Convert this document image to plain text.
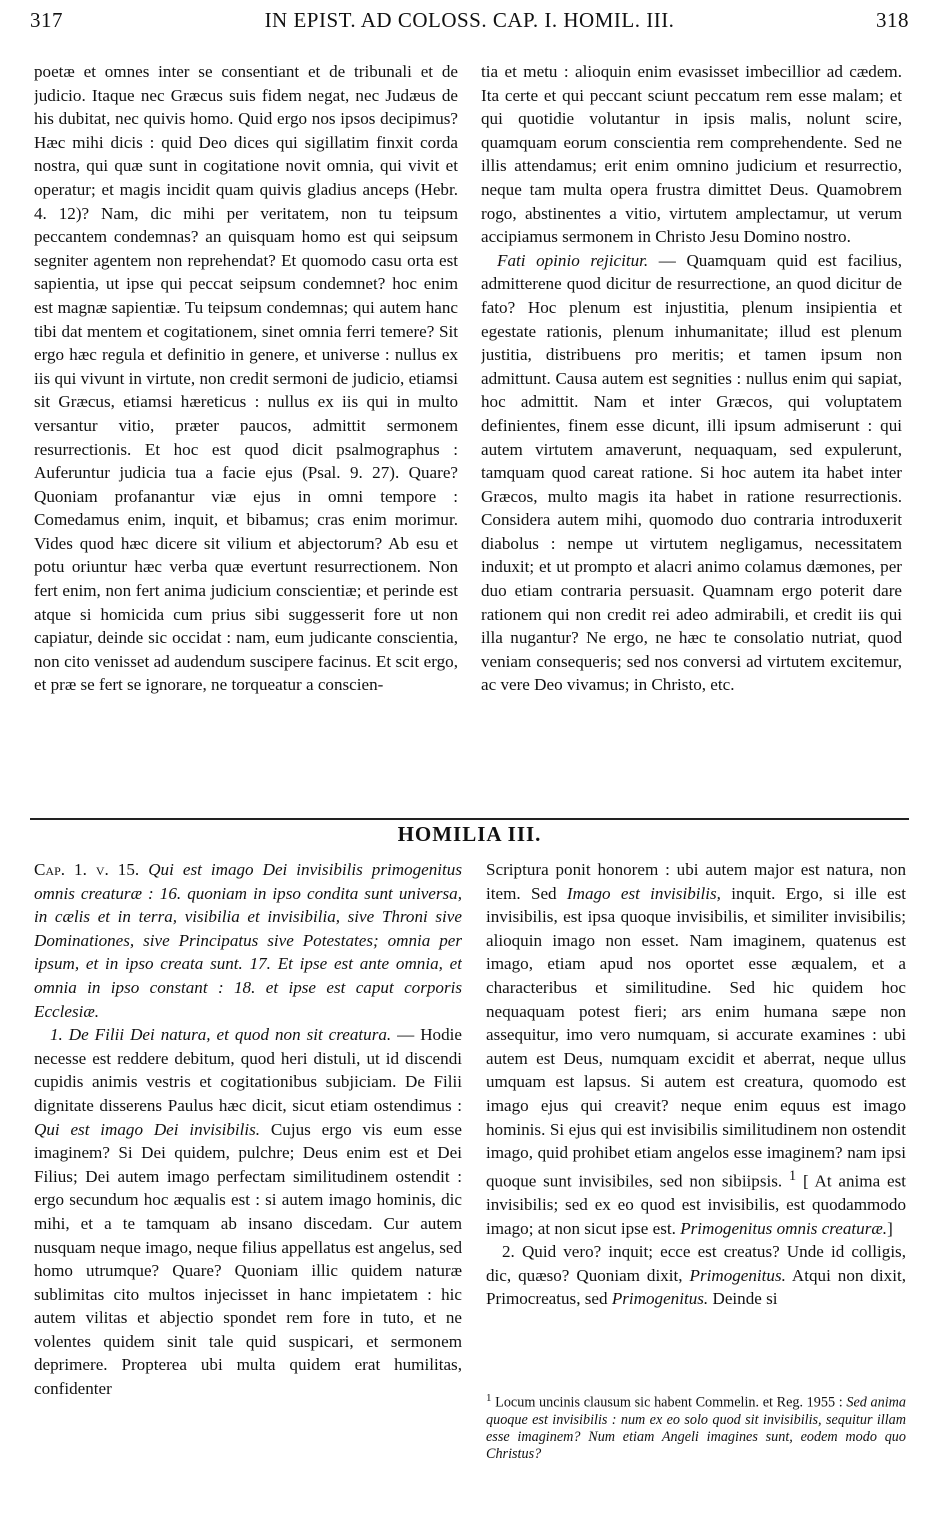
317	IN EPIST. AD COLOSS. CAP. I. HOMIL. III.	318

poetæ et omnes inter se consentiant et de tribunali et de judicio. Itaque nec Græcus suis fidem negat, nec Judæus de his dubitat, nec quivis homo. Quid ergo nos ipsos decipimus? Hæc mihi dicis : quid Deo dices qui sigillatim finxit corda nostra, qui quæ sunt in cogitatione novit omnia, qui vivit et operatur; et magis incidit quam quivis gladius anceps (Hebr. 4. 12)? Nam, dic mihi per veritatem, non tu teipsum peccantem condemnas? an quisquam homo est qui seipsum segniter agentem non reprehendat? Et quomodo casu orta est sapientia, ut ipse qui peccat seipsum condemnet? hoc enim est magnæ sapientiæ. Tu teipsum condemnas; qui autem hanc tibi dat mentem et cogitationem, sinet omnia ferri temere? Sit ergo hæc regula et definitio in genere, et universe : nullus ex iis qui vivunt in virtute, non credit sermoni de judicio, etiamsi sit Græcus, etiamsi hæreticus : nullus ex iis qui in multo versantur vitio, præter paucos, admittit sermonem resurrectionis. Et hoc est quod dicit psalmographus : Auferuntur judicia tua a facie ejus (Psal. 9. 27). Quare? Quoniam profanantur viæ ejus in omni tempore : Comedamus enim, inquit, et bibamus; cras enim morimur. Vides quod hæc dicere sit vilium et abjectorum? Ab esu et potu oriuntur hæc verba quæ evertunt resurrectionem. Non fert enim, non fert anima judicium conscientiæ; et perinde est atque si homicida cum prius sibi suggesserit fore ut non capiatur, deinde sic occidat : nam, eum judicante conscientia, non cito venisset ad audendum suscipere facinus. Et scit ergo, et præ se fert se ignorare, ne torqueatur a conscien-

tia et metu : alioquin enim evasisset imbecillior ad cædem. Ita certe et qui peccant sciunt peccatum rem esse malam; et qui quotidie volutantur in ipsis malis, nolunt scire, quamquam eorum conscientia rem comprehendente. Sed ne illis attendamus; erit enim omnino judicium et resurrectio, neque tam multa opera frustra dimittet Deus. Quamobrem rogo, abstinentes a vitio, virtutem amplectamur, ut verum accipiamus sermonem in Christo Jesu Domino nostro.

Fati opinio rejicitur. — Quamquam quid est facilius, admitterene quod dicitur de resurrectione, an quod dicitur de fato? Hoc plenum est injustitia, plenum insipientia et egestate rationis, plenum inhumanitate; illud est plenum justitia, distribuens pro meritis; et tamen ipsum non admittunt. Causa autem est segnities : nullus enim qui sapiat, hoc admittit. Nam et inter Græcos, qui voluptatem definientes, finem esse dicunt, illi ipsum admiserunt : qui autem virtutem amaverunt, nequaquam, sed expulerunt, tamquam quod careat ratione. Si hoc autem ita habet inter Græcos, multo magis ita habet in ratione resurrectionis. Considera autem mihi, quomodo duo contraria introduxerit diabolus : nempe ut virtutem negligamus, necessitatem induxit; et ut prompto et alacri animo colamus dæmones, per duo etiam contraria persuasit. Quamnam ergo poterit dare rationem qui non credit rei adeo admirabili, et credit iis qui illa nugantur? Ne ergo, ne hæc te consolatio nutriat, quod veniam consequeris; sed nos conversi ad virtutem excitemur, ac vere Deo vivamus; in Christo, etc.

HOMILIA III.

Cap. 1. v. 15. Qui est imago Dei invisibilis primogenitus omnis creaturæ : 16. quoniam in ipso condita sunt universa, in cælis et in terra, visibilia et invisibilia, sive Throni sive Dominationes, sive Principatus sive Potestates; omnia per ipsum, et in ipso creata sunt. 17. Et ipse est ante omnia, et omnia in ipso constant : 18. et ipse est caput corporis Ecclesiæ.

1. De Filii Dei natura, et quod non sit creatura. — Hodie necesse est reddere debitum, quod heri distuli, ut id discendi cupidis animis vestris et cogitationibus subjiciam. De Filii dignitate disserens Paulus hæc dicit, sicut etiam ostendimus : Qui est imago Dei invisibilis. Cujus ergo vis eum esse imaginem? Si Dei quidem, pulchre; Deus enim est et Dei Filius; Dei autem imago perfectam similitudinem ostendit : ergo secundum hoc æqualis est : si autem imago hominis, dic mihi, et a te tamquam ab insano discedam. Cur autem nusquam neque imago, neque filius appellatus est angelus, sed homo utrumque? Quare? Quoniam illic quidem naturæ sublimitas cito multos injecisset in hanc impietatem : hic autem vilitas et abjectio spondet rem fore in tuto, et ne volentes quidem sinit tale quid suspicari, et sermonem deprimere. Propterea ubi multa quidem erat humilitas, confidenter

Scriptura ponit honorem : ubi autem major est natura, non item. Sed Imago est invisibilis, inquit. Ergo, si ille est invisibilis, est ipsa quoque invisibilis, et similiter invisibilis; alioquin imago non esset. Nam imaginem, quatenus est imago, etiam apud nos oportet esse æqualem, et a characteribus et similitudine. Sed hic quidem hoc nequaquam potest fieri; ars enim humana sæpe non assequitur, imo vero numquam, si accurate examines : ubi autem est Deus, numquam excidit et aberrat, neque ullus umquam est lapsus. Si autem est creatura, quomodo est imago ejus qui creavit? neque enim equus est imago hominis. Si ejus qui est invisibilis similitudinem non ostendit imago, quid prohibet etiam angelos esse imaginem? nam ipsi quoque sunt invisibiles, sed non sibiipsis. $^1$ [ At anima est invisibilis; sed ex eo quod est invisibilis, est quodammodo imago; at non sicut ipse est. Primogenitus omnis creaturæ.]

2. Quid vero? inquit; ecce est creatus? Unde id colligis, dic, quæso? Quoniam dixit, Primogenitus. Atqui non dixit, Primocreatus, sed Primogenitus. Deinde si

$^1$ Locum uncinis clausum sic habent Commelin. et Reg. 1955 : Sed anima quoque est invisibilis : num ex eo solo quod sit invisibilis, sequitur illam esse imaginem? Num etiam Angeli imagines sunt, eodem modo quo Christus?
